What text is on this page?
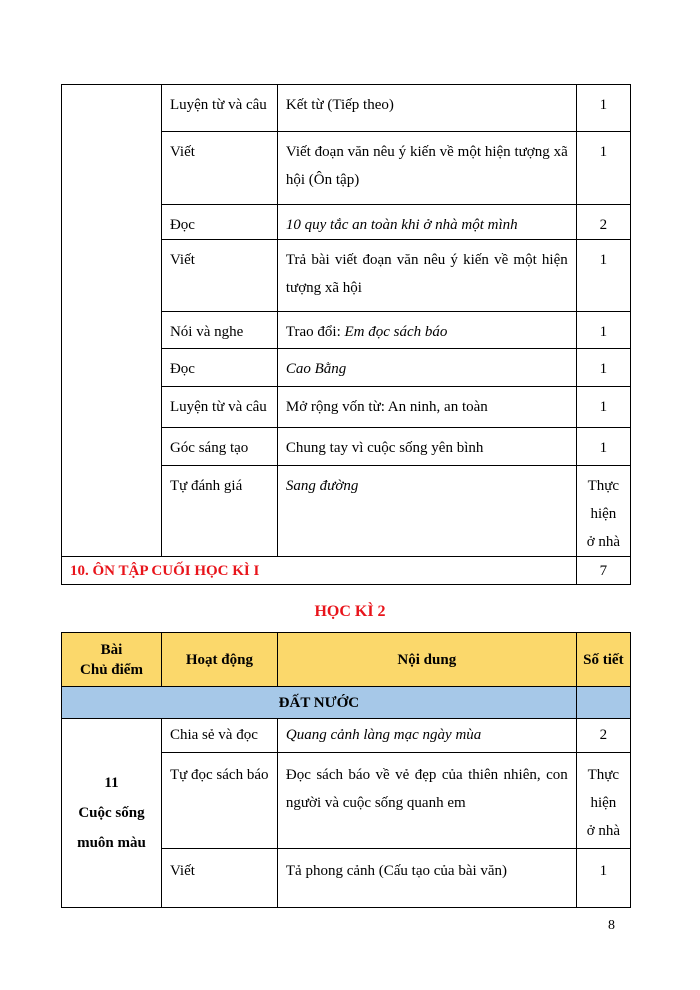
	Luyện từ và câu	Kết từ (Tiếp theo)	1
	Viết	Viết đoạn văn nêu ý kiến về một hiện tượng xã hội (Ôn tập)	1
	Đọc	10 quy tắc an toàn khi ở nhà một mình	2
	Viết	Trả bài viết đoạn văn nêu ý kiến về một hiện tượng xã hội	1
	Nói và nghe	Trao đổi: Em đọc sách báo	1
	Đọc	Cao Bằng	1
	Luyện từ và câu	Mở rộng vốn từ: An ninh, an toàn	1
	Góc sáng tạo	Chung tay vì cuộc sống yên bình	1
	Tự đánh giá	Sang đường	Thực hiện ở nhà
10. ÔN TẬP CUỐI HỌC KÌ I			7
HỌC KÌ 2
Bài
Chủ điểm	Hoạt động	Nội dung	Số tiết
ĐẤT NƯỚC			
11
Cuộc sống
muôn màu	Chia sẻ và đọc	Quang cảnh làng mạc ngày mùa	2
	Tự đọc sách báo	Đọc sách báo về vẻ đẹp của thiên nhiên, con người và cuộc sống quanh em	Thực hiện ở nhà
	Viết	Tả phong cảnh (Cấu tạo của bài văn)	1
8
